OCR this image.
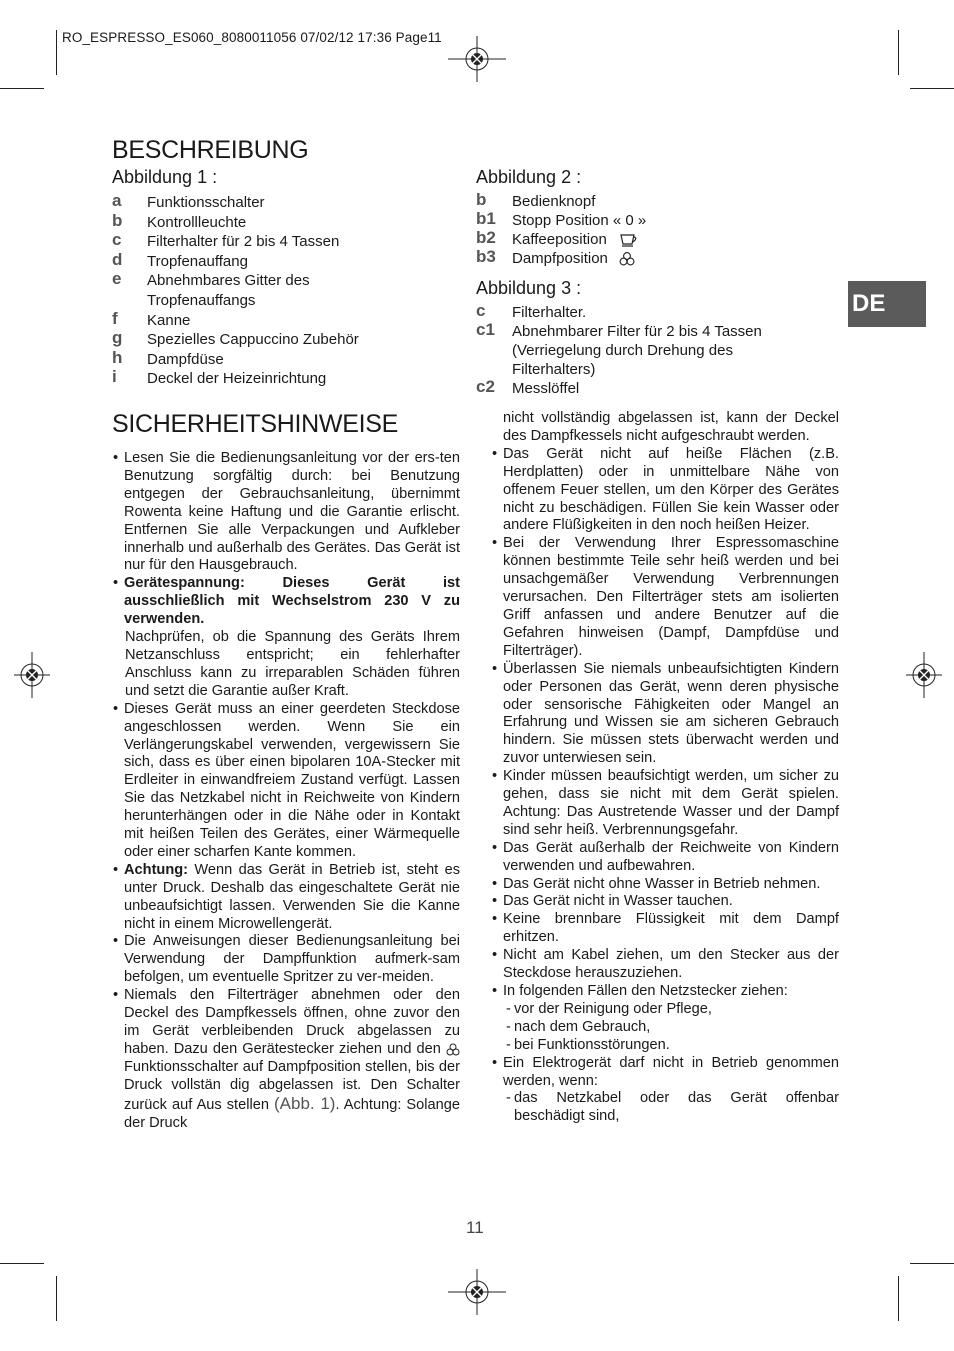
RO_ESPRESSO_ES060_8080011056 07/02/12 17:36 Page11
DE
BESCHREIBUNG
Abbildung 1 :
a Funktionsschalter
b Kontrollleuchte
c Filterhalter für 2 bis 4 Tassen
d Tropfenauffang
e Abnehmbares Gitter des
Tropfenauffangs
f Kanne
g Spezielles Cappuccino Zubehör
h Dampfdüse
i Deckel der Heizeinrichtung
Abbildung 2 :
b Bedienknopf
b1 Stopp Position « 0 »
b2 Kaffeeposition
b3 Dampfposition
Abbildung 3 :
c Filterhalter.
c1 Abnehmbarer Filter für 2 bis 4 Tassen
(Verriegelung durch Drehung des
Filterhalters)
c2 Messlöffel
SICHERHEITSHINWEISE

• Lesen Sie die Bedienungsanleitung vor der ers-ten Benutzung sorgfältig durch: bei Benutzung entgegen der Gebrauchsanleitung, übernimmt Rowenta keine Haftung und die Garantie erlischt. Entfernen Sie alle Verpackungen und Aufkleber innerhalb und außerhalb des Gerätes. Das Gerät ist nur für den Hausgebrauch.

• Gerätespannung: Dieses Gerät ist ausschließlich mit Wechselstrom 230 V zu verwenden.

Nachprüfen, ob die Spannung des Geräts Ihrem Netzanschluss entspricht; ein fehlerhafter Anschluss kann zu irreparablen Schäden führen und setzt die Garantie außer Kraft.

• Dieses Gerät muss an einer geerdeten Steckdose angeschlossen werden. Wenn Sie ein Verlängerungskabel verwenden, vergewissern Sie sich, dass es über einen bipolaren 10A-Stecker mit Erdleiter in einwandfreiem Zustand verfügt. Lassen Sie das Netzkabel nicht in Reichweite von Kindern herunterhängen oder in die Nähe oder in Kontakt mit heißen Teilen des Gerätes, einer Wärmequelle oder einer scharfen Kante kommen.

• Achtung: Wenn das Gerät in Betrieb ist, steht es unter Druck. Deshalb das eingeschaltete Gerät nie unbeaufsichtigt lassen. Verwenden Sie die Kanne nicht in einem Microwellengerät.

• Die Anweisungen dieser Bedienungsanleitung bei Verwendung der Dampffunktion aufmerk-sam befolgen, um eventuelle Spritzer zu ver-meiden.

• Niemals den Filterträger abnehmen oder den Deckel des Dampfkessels öffnen, ohne zuvor den im Gerät verbleibenden Druck abgelassen zu haben. Dazu den Gerätestecker ziehen und den  Funktionsschalter auf Dampfposition stellen, bis der Druck vollstän dig abgelassen ist. Den Schalter zurück auf Aus stellen (Abb. 1). Achtung: Solange der Druck

nicht vollständig abgelassen ist, kann der Deckel des Dampfkessels nicht aufgeschraubt werden.

• Das Gerät nicht auf heiße Flächen (z.B. Herdplatten) oder in unmittelbare Nähe von offenem Feuer stellen, um den Körper des Gerätes nicht zu beschädigen. Füllen Sie kein Wasser oder andere Flüßigkeiten in den noch heißen Heizer.

• Bei der Verwendung Ihrer Espressomaschine können bestimmte Teile sehr heiß werden und bei unsachgemäßer Verwendung Verbrennungen verursachen. Den Filterträger stets am isolierten Griff anfassen und andere Benutzer auf die Gefahren hinweisen (Dampf, Dampfdüse und Filterträger).

• Überlassen Sie niemals unbeaufsichtigten Kindern oder Personen das Gerät, wenn deren physische oder sensorische Fähigkeiten oder Mangel an Erfahrung und Wissen sie am sicheren Gebrauch hindern. Sie müssen stets überwacht werden und zuvor unterwiesen sein.

• Kinder müssen beaufsichtigt werden, um sicher zu gehen, dass sie nicht mit dem Gerät spielen. Achtung: Das Austretende Wasser und der Dampf sind sehr heiß. Verbrennungsgefahr.

• Das Gerät außerhalb der Reichweite von Kindern verwenden und aufbewahren.

• Das Gerät nicht ohne Wasser in Betrieb nehmen.

• Das Gerät nicht in Wasser tauchen.

• Keine brennbare Flüssigkeit mit dem Dampf erhitzen.

• Nicht am Kabel ziehen, um den Stecker aus der Steckdose herauszuziehen.

• In folgenden Fällen den Netzstecker ziehen:

- vor der Reinigung oder Pflege,

- nach dem Gebrauch,

- bei Funktionsstörungen.

• Ein Elektrogerät darf nicht in Betrieb genommen werden, wenn:

- das Netzkabel oder das Gerät offenbar beschädigt sind,

11
